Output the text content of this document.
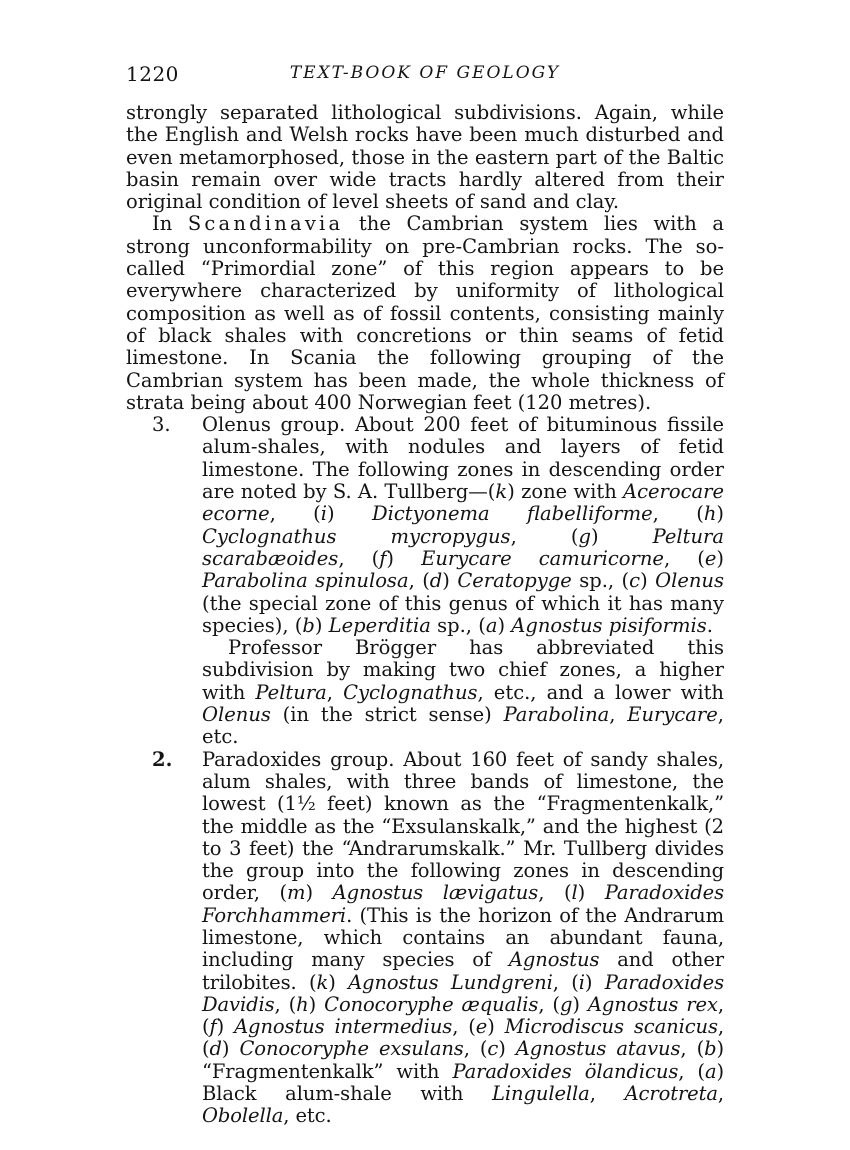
1220	TEXT-BOOK OF GEOLOGY

strongly separated lithological subdivisions. Again, while the English and Welsh rocks have been much disturbed and even metamorphosed, those in the eastern part of the Baltic basin remain over wide tracts hardly altered from their original condition of level sheets of sand and clay.

In Scandinavia the Cambrian system lies with a strong unconformability on pre-Cambrian rocks. The so-called “Primordial zone” of this region appears to be everywhere characterized by uniformity of lithological composition as well as of fossil contents, consisting mainly of black shales with concretions or thin seams of fetid limestone. In Scania the following grouping of the Cambrian system has been made, the whole thickness of strata being about 400 Norwegian feet (120 metres).

3. Olenus group. About 200 feet of bituminous fissile alum-shales, with nodules and layers of fetid limestone. The following zones in descending order are noted by S. A. Tullberg—(k) zone with Acerocare ecorne, (i) Dictyonema flabelliforme, (h) Cyclognathus mycropygus, (g) Peltura scarabæoides, (f) Eurycare camuricorne, (e) Parabolina spinulosa, (d) Ceratopyge sp., (c) Olenus (the special zone of this genus of which it has many species), (b) Leperditia sp., (a) Agnostus pisiformis.

Professor Brögger has abbreviated this subdivision by making two chief zones, a higher with Peltura, Cyclognathus, etc., and a lower with Olenus (in the strict sense) Parabolina, Eurycare, etc.

2. Paradoxides group. About 160 feet of sandy shales, alum shales, with three bands of limestone, the lowest (1½ feet) known as the “Fragmentenkalk,” the middle as the “Exsulanskalk,” and the highest (2 to 3 feet) the “Andrarumskalk.” Mr. Tullberg divides the group into the following zones in descending order, (m) Agnostus lævigatus, (l) Paradoxides Forchhammeri. (This is the horizon of the Andrarum limestone, which contains an abundant fauna, including many species of Agnostus and other trilobites. (k) Agnostus Lundgreni, (i) Paradoxides Davidis, (h) Conocoryphe æqualis, (g) Agnostus rex, (f) Agnostus intermedius, (e) Microdiscus scanicus, (d) Conocoryphe exsulans, (c) Agnostus atavus, (b) “Fragmentenkalk” with Paradoxides ölandicus, (a) Black alum-shale with Lingulella, Acrotreta, Obolella, etc.
